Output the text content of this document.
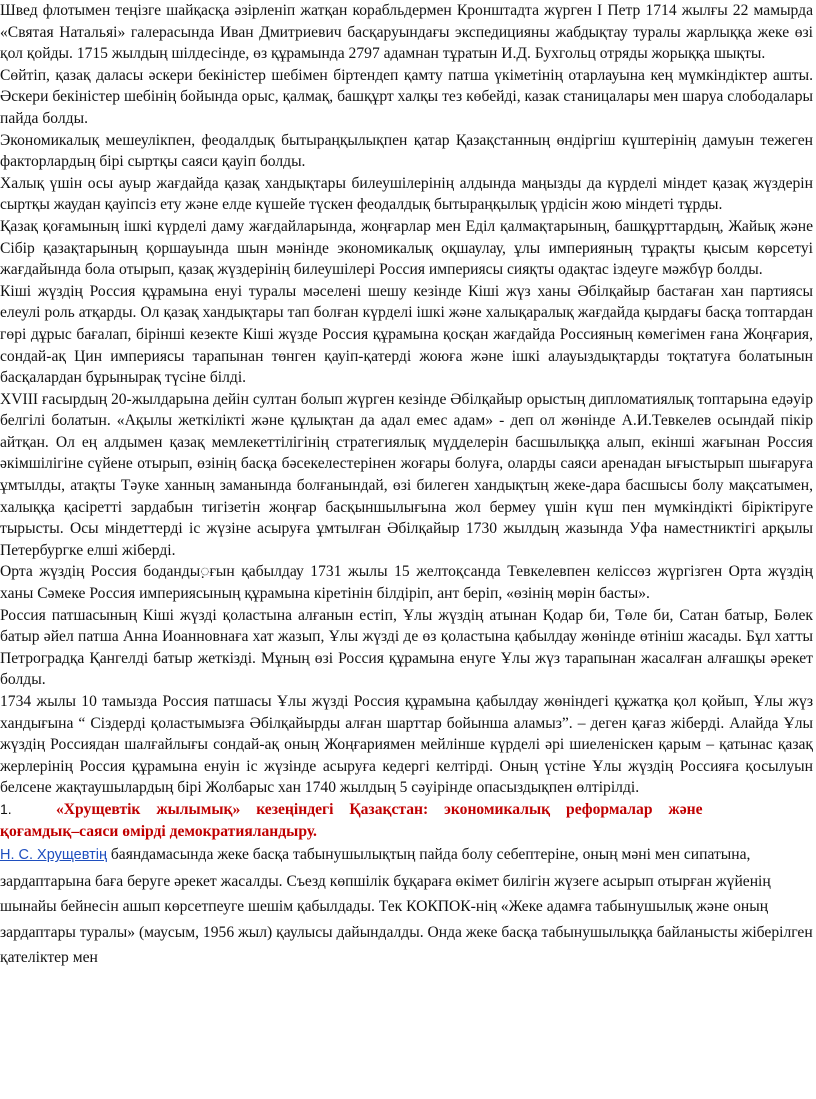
Швед флотымен теңізге шайқасқа әзірленіп жатқан корабльдермен Кронштадта жүрген І Петр 1714 жылғы 22 мамырда «Святая Натальяі» галерасында Иван Дмитриевич басқаруындағы экспедицияны жабдықтау туралы жарлыққа жеке өзі қол қойды. 1715 жылдың шілдесінде, өз құрамында 2797 адамнан тұратын И.Д. Бухгольц отряды жорыққа шықты.

Сөйтіп, қазақ даласы әскери бекіністер шебімен біртендеп қамту патша үкіметінің отарлауына кең мүмкіндіктер ашты. Әскери бекіністер шебінің бойында орыс, қалмақ, башқұрт халқы тез көбейді, казак станицалары мен шаруа слободалары пайда болды.

Экономикалық мешеулікпен, феодалдық бытыраңқылықпен қатар Қазақстанның өндіргіш күштерінің дамуын тежеген факторлардың бірі сыртқы саяси қауіп болды.

Халық үшін осы ауыр жағдайда қазақ хандықтары билеушілерінің алдында маңызды да күрделі міндет қазақ жүздерін сыртқы жаудан қауіпсіз ету және елде күшейе түскен феодалдық бытыраңқылық үрдісін жою міндеті тұрды.

Қазақ қоғамының ішкі күрделі даму жағдайларында, жоңғарлар мен Еділ қалмақтарының, башқұрттардың, Жайық және Сібір қазақтарының қоршауында шын мәнінде экономикалық оқшаулау, ұлы империяның тұрақты қысым көрсетуі жағдайында бола отырып, қазақ жүздерінің билеушілері Россия империясы сияқты одақтас іздеуге мәжбүр болды.

Кіші жүздің Россия құрамына енуі туралы мәселені шешу кезінде Кіші жүз ханы Әбілқайыр бастаған хан партиясы елеулі роль атқарды. Ол қазақ хандықтары тап болған күрделі ішкі және халықаралық жағдайда қырдағы басқа топтардан гөрі дұрыс бағалап, бірінші кезекте Кіші жүзде Россия құрамына қосқан жағдайда Россияның көмегімен ғана Жоңғария, сондай-ақ Цин империясы тарапынан төнген қауіп-қатерді жоюға және ішкі алауыздықтарды тоқтатуға болатынын басқалардан бұрынырақ түсіне білді.

XVIII ғасырдың 20-жылдарына дейін султан болып жүрген кезінде Әбілқайыр орыстың дипломатиялық топтарына едәуір белгілі болатын. «Ақылы жеткілікті және құлықтан да адал емес адам» - деп ол жөнінде А.И.Тевкелев осындай пікір айтқан. Ол ең алдымен қазақ мемлекеттілігінің стратегиялық мүдделерін басшылыққа алып, екінші жағынан Россия әкімшілігіне сүйене отырып, өзінің басқа бәсекелестерінен жоғары болуға, оларды саяси аренадан ығыстырып шығаруға ұмтылды, атақты Тәуке ханның заманында болғанындай, өзі билеген хандықтың жеке-дара басшысы болу мақсатымен, халыққа қасіретті зардабын тигізетін жоңғар басқыншылығына жол бермеу үшін күш пен мүмкіндікті біріктіруге тырысты. Осы міндеттерді іс жүзіне асыруға ұмтылған Әбілқайыр 1730 жылдың жазында Уфа наместниктігі арқылы Петербургке елші жіберді.

Орта жүздің Россия боданды़ғын қабылдау 1731 жылы 15 желтоқсанда Тевкелевпен келіссөз жүргізген Орта жүздің ханы Сәмеке Россия империясының құрамына кіретінін білдіріп, ант беріп, «өзінің мөрін басты».

Россия патшасының Кіші жүзді қоластына алғанын естіп, Ұлы жүздің атынан Қодар би, Төле би, Сатан батыр, Бөлек батыр әйел патша Анна Иоанновнаға хат жазып, Ұлы жүзді де өз қоластына қабылдау жөнінде өтініш жасады. Бұл хатты Петроградқа Қангелді батыр жеткізді. Мұның өзі Россия құрамына енуге Ұлы жүз тарапынан жасалған алғашқы әрекет болды.

1734 жылы 10 тамызда Россия патшасы Ұлы жүзді Россия құрамына қабылдау жөніндегі құжатқа қол қойып, Ұлы жүз хандығына “ Сіздерді қоластымызға Әбілқайырды алған шарттар бойынша аламыз”. – деген қағаз жіберді. Алайда Ұлы жүздің Россиядан шалғайлығы сондай-ақ оның Жоңғариямен мейлінше күрделі әрі шиеленіскен қарым – қатынас қазақ жерлерінің Россия құрамына енуін іс жүзінде асыруға кедергі келтірді. Оның үстіне Ұлы жүздің Россияға қосылуын белсене жақтаушылардың бірі Жолбарыс хан 1740 жылдың 5 сәуірінде опасыздықпен өлтірілді.

1.	«Хрущевтік жылымық» кезеңіндегі Қазақстан: экономикалық реформалар және
қоғамдық–саяси өмірді демократияландыру.

Н. С. Хрущевтің баяндамасында жеке басқа табынушылықтың пайда болу себептеріне, оның мәні мен сипатына, зардаптарына баға беруге әрекет жасалды. Съезд көпшілік бұқараға өкімет билігін жүзеге асырып отырған жүйенің шынайы бейнесін ашып көрсетпеуге шешім қабылдады. Тек КОКПОК-нің «Жеке адамға табынушылық және оның зардаптары туралы» (маусым, 1956 жыл) қаулысы дайындалды. Онда жеке басқа табынушылыққа байланысты жіберілген қателіктер мен
